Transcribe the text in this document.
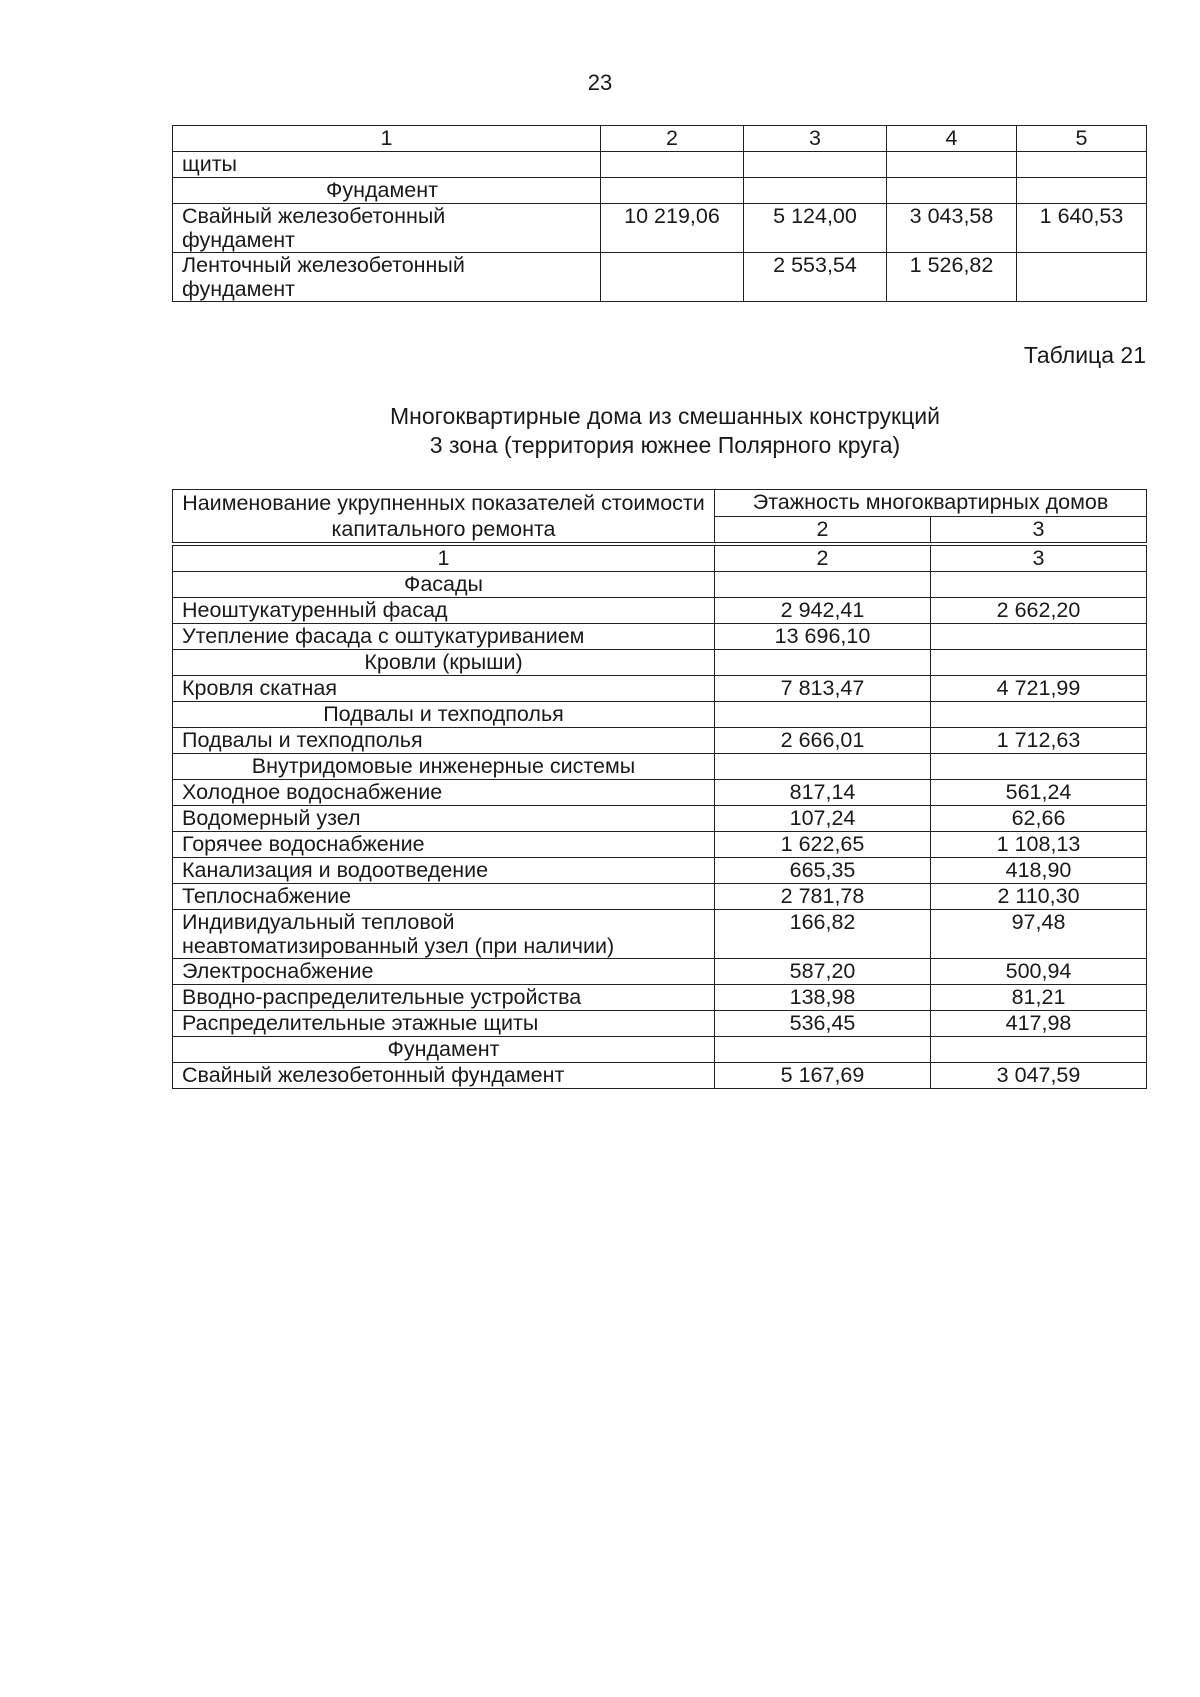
23
1	2	3	4	5
щиты				
Фундамент				
Свайный железобетонный
фундамент	10 219,06	5 124,00	3 043,58	1 640,53
Ленточный железобетонный
фундамент		2 553,54	1 526,82	
Таблица 21
Многоквартирные дома из смешанных конструкций
3 зона (территория южнее Полярного круга)
Наименование укрупненных показателей стоимости капитального ремонта	Этажность многоквартирных домов	
	2	3
1	2	3
Фасады		
Неоштукатуренный фасад	2 942,41	2 662,20
Утепление фасада с оштукатуриванием	13 696,10	
Кровли (крыши)		
Кровля скатная	7 813,47	4 721,99
Подвалы и техподполья		
Подвалы и техподполья	2 666,01	1 712,63
Внутридомовые инженерные системы		
Холодное водоснабжение	817,14	561,24
Водомерный узел	107,24	62,66
Горячее водоснабжение	1 622,65	1 108,13
Канализация и водоотведение	665,35	418,90
Теплоснабжение	2 781,78	2 110,30
Индивидуальный тепловой неавтоматизированный узел (при наличии)	166,82	97,48
Электроснабжение	587,20	500,94
Вводно-распределительные устройства	138,98	81,21
Распределительные этажные щиты	536,45	417,98
Фундамент		
Свайный железобетонный фундамент	5 167,69	3 047,59
